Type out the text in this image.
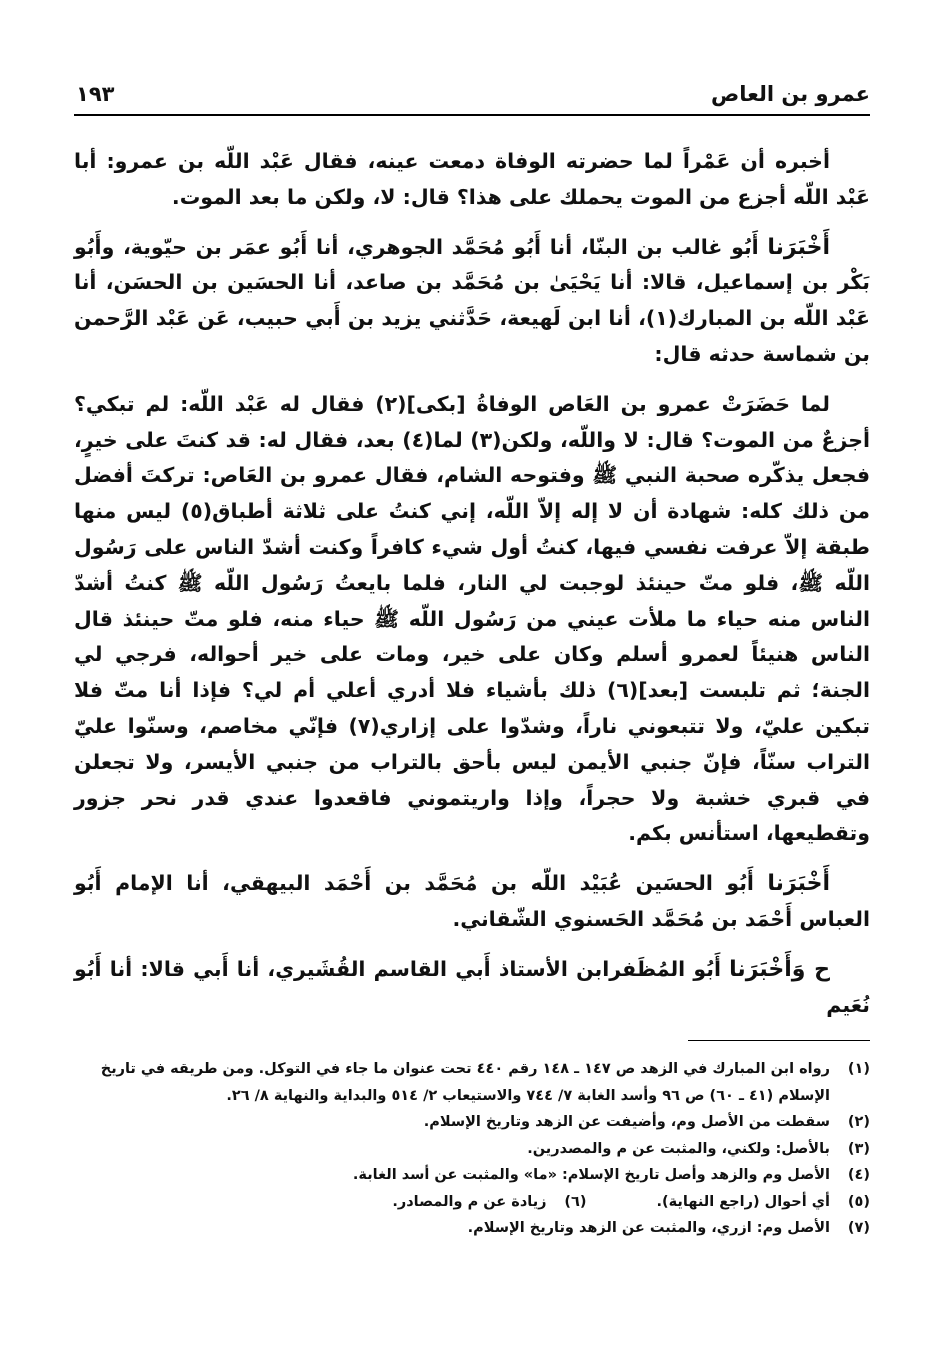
عمرو بن العاص
١٩٣

أخبره أن عَمْراً لما حضرته الوفاة دمعت عينه، فقال عَبْد اللّه بن عمرو: أبا عَبْد اللّه أجزع من الموت يحملك على هذا؟ قال: لا، ولكن ما بعد الموت.

أَخْبَرَنا أَبُو غالب بن البنّا، أنا أَبُو مُحَمَّد الجوهري، أنا أَبُو عمَر بن حيّوية، وأَبُو بَكْر بن إسماعيل، قالا: أنا يَحْيَىٰ بن مُحَمَّد بن صاعد، أنا الحسَين بن الحسَن، أنا عَبْد اللّه بن المبارك(١)، أنا ابن لَهيعة، حَدَّثني يزيد بن أَبي حبيب، عَن عَبْد الرَّحمن بن شماسة حدثه قال:

لما حَضَرَتْ عمرو بن العَاص الوفاةُ [بكى](٢) فقال له عَبْد اللّه: لم تبكي؟ أجزعٌ من الموت؟ قال: لا واللّه، ولكن(٣) لما(٤) بعد، فقال له: قد كنتَ على خيرٍ، فجعل يذكّره صحبة النبي ﷺ وفتوحه الشام، فقال عمرو بن العَاص: تركتَ أفضل من ذلك كله: شهادة أن لا إله إلاّ اللّه، إني كنتُ على ثلاثة أطباق(٥) ليس منها طبقة إلاّ عرفت نفسي فيها، كنتُ أول شيء كافراً وكنت أشدّ الناس على رَسُول اللّه ﷺ، فلو متّ حينئذ لوجبت لي النار، فلما بايعتُ رَسُول اللّه ﷺ كنتُ أشدّ الناس منه حياء ما ملأت عيني من رَسُول اللّه ﷺ حياء منه، فلو متّ حينئذ قال الناس هنيئاً لعمرو أسلم وكان على خير، ومات على خير أحواله، فرجي لي الجنة؛ ثم تلبست [بعد](٦) ذلك بأشياء فلا أدري أعلي أم لي؟ فإذا أنا متّ فلا تبكين عليّ، ولا تتبعوني ناراً، وشدّوا على إزاري(٧) فإنّي مخاصم، وسنّوا عليّ التراب سنّاً، فإنّ جنبي الأيمن ليس بأحق بالتراب من جنبي الأيسر، ولا تجعلن في قبري خشبة ولا حجراً، وإذا واريتموني فاقعدوا عندي قدر نحر جزور وتقطيعها، استأنس بكم.

أَخْبَرَنا أَبُو الحسَين عُبَيْد اللّه بن مُحَمَّد بن أَحْمَد البيهقي، أنا الإمام أَبُو العباس أَحْمَد بن مُحَمَّد الحَسنوي الشّقاني.

ح وَأَخْبَرَنا أَبُو المُظَفرابن الأستاذ أَبي القاسم القُشَيري، أنا أَبي قالا: أنا أَبُو نُعَيم

(١)
رواه ابن المبارك في الزهد ص ١٤٧ ـ ١٤٨ رقم ٤٤٠ تحت عنوان ما جاء في التوكل. ومن طريقه في تاريخ الإسلام (٤١ ـ ٦٠) ص ٩٦ وأسد الغابة ٧/ ٧٤٤ والاستيعاب ٢/ ٥١٤ والبداية والنهاية ٨/ ٢٦.

(٢)
سقطت من الأصل وم، وأضيفت عن الزهد وتاريخ الإسلام.

(٣)
بالأصل: ولكني، والمثبت عن م والمصدرين.

(٤)
الأصل وم والزهد وأصل تاريخ الإسلام: «ما» والمثبت عن أسد الغابة.

(٥)
أي أحوال (راجع النهاية).

(٦)
زيادة عن م والمصادر.

(٧)
الأصل وم: ازري، والمثبت عن الزهد وتاريخ الإسلام.
